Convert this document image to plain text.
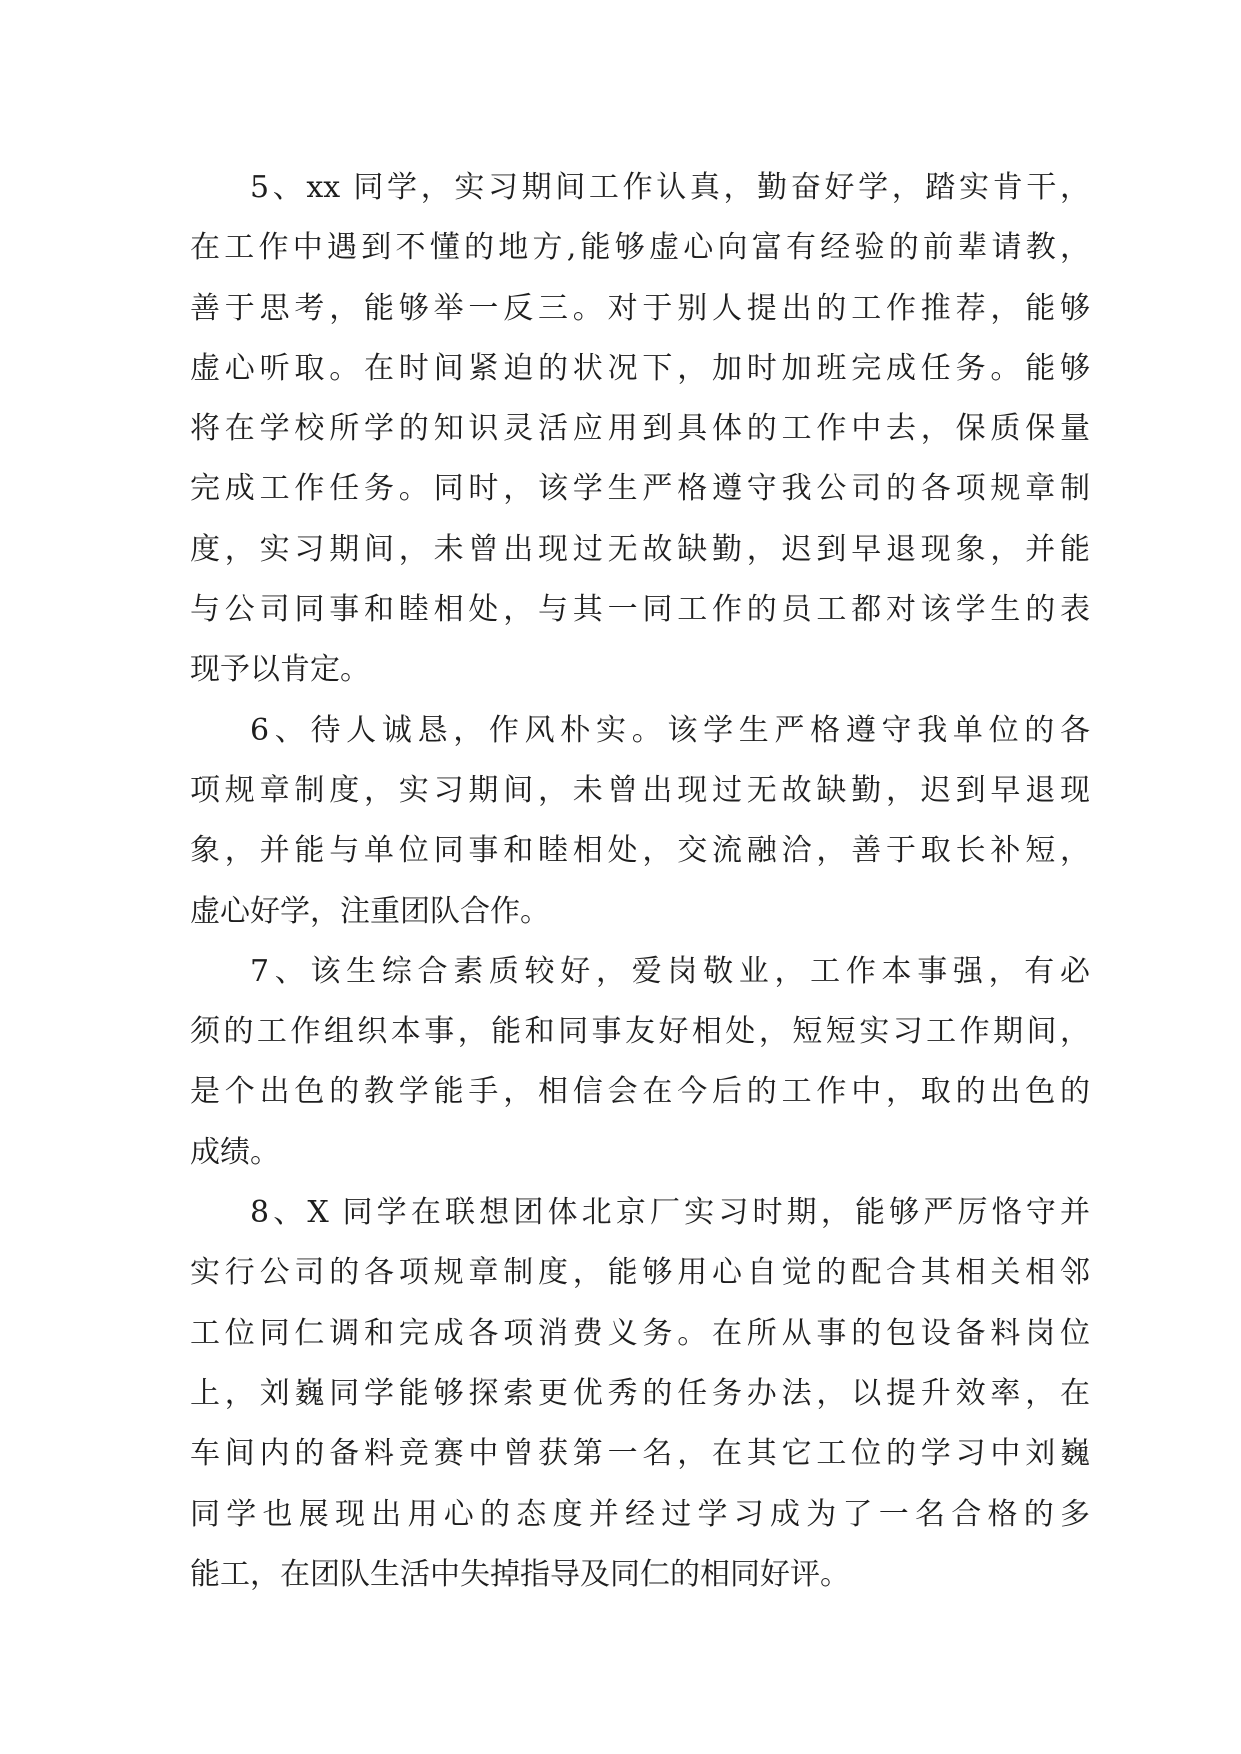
5、xx 同学，实习期间工作认真，勤奋好学，踏实肯干，
在工作中遇到不懂的地方,能够虚心向富有经验的前辈请教，
善于思考，能够举一反三。对于别人提出的工作推荐，能够
虚心听取。在时间紧迫的状况下，加时加班完成任务。能够
将在学校所学的知识灵活应用到具体的工作中去，保质保量
完成工作任务。同时，该学生严格遵守我公司的各项规章制
度，实习期间，未曾出现过无故缺勤，迟到早退现象，并能
与公司同事和睦相处，与其一同工作的员工都对该学生的表
现予以肯定。
6、待人诚恳，作风朴实。该学生严格遵守我单位的各
项规章制度，实习期间，未曾出现过无故缺勤，迟到早退现
象，并能与单位同事和睦相处，交流融洽，善于取长补短，
虚心好学，注重团队合作。
7、该生综合素质较好，爱岗敬业，工作本事强，有必
须的工作组织本事，能和同事友好相处，短短实习工作期间，
是个出色的教学能手，相信会在今后的工作中，取的出色的
成绩。
8、X 同学在联想团体北京厂实习时期，能够严厉恪守并
实行公司的各项规章制度，能够用心自觉的配合其相关相邻
工位同仁调和完成各项消费义务。在所从事的包设备料岗位
上，刘巍同学能够探索更优秀的任务办法，以提升效率，在
车间内的备料竞赛中曾获第一名，在其它工位的学习中刘巍
同学也展现出用心的态度并经过学习成为了一名合格的多
能工，在团队生活中失掉指导及同仁的相同好评。
